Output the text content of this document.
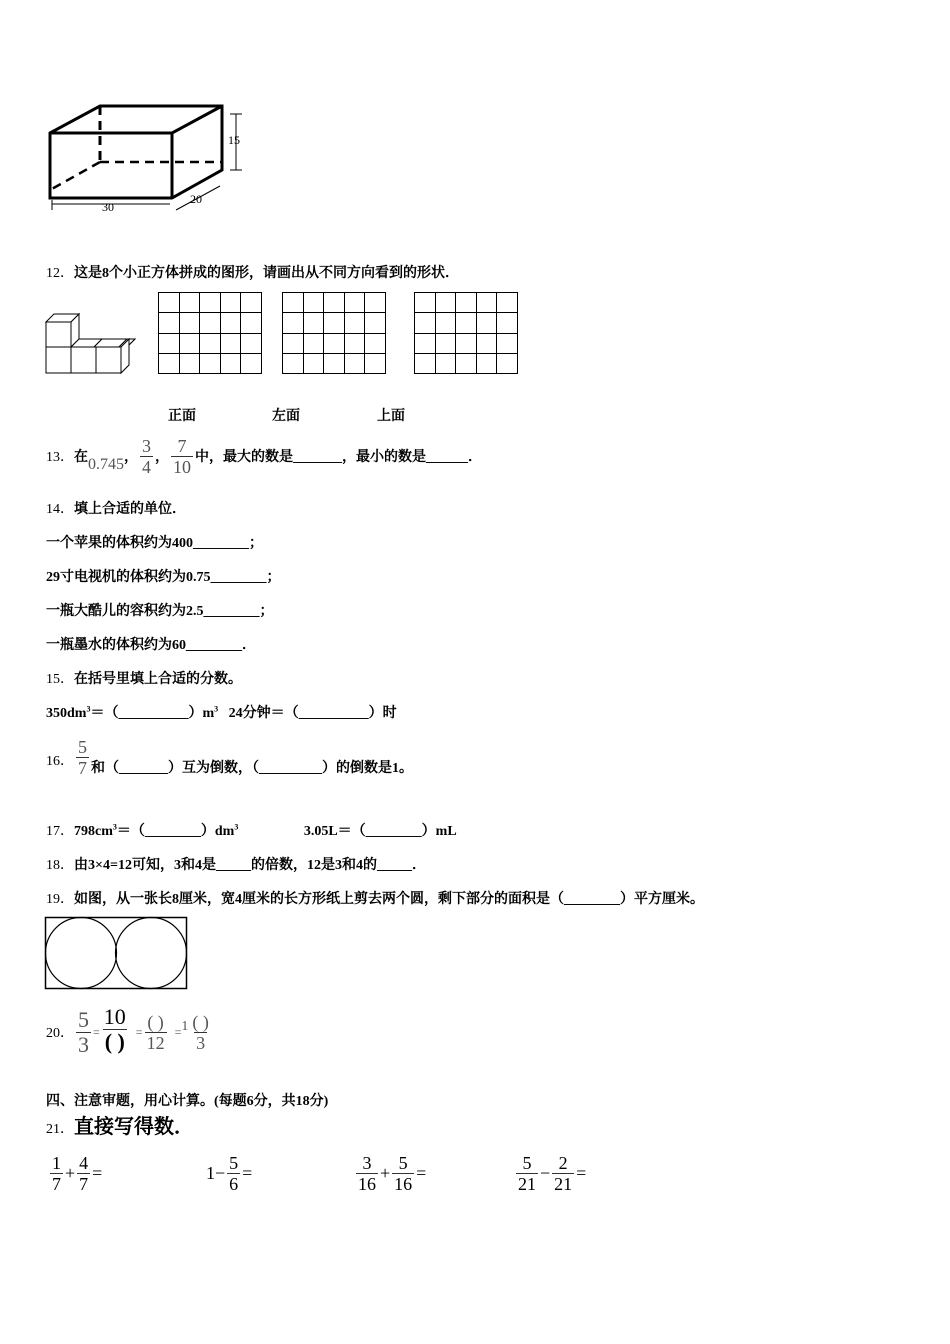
15
30
20
12．这是8个小正方体拼成的图形，请画出从不同方向看到的形状．

正面	左面	上面
13． 在 0.745 ， $\frac{3}{4}$ ， $\frac{7}{10}$ 中，最大的数是_______，最小的数是______．
14．填上合适的单位．
一个苹果的体积约为400________；
29寸电视机的体积约为0.75________；
一瓶大酷儿的容积约为2.5________；
一瓶墨水的体积约为60________．
15．在括号里填上合适的分数。
$350dm^3=(\_\_\_\_\_\_\_\_\_\_)m^3$ 24分钟＝（__________）时
16． $\frac{5}{7}$ 和（_______）互为倒数，（_________）的倒数是1。
17．$798cm^3=(\_\_\_\_\_\_\_\_)dm^3$	3.05L＝（________）mL
18．由3×4=12可知，3和4是_____的倍数，12是3和4的_____．
19．如图，从一张长8厘米，宽4厘米的长方形纸上剪去两个圆，剩下部分的面积是（________）平方厘米。
20． $\frac{5}{3} = \frac{10}{( )} = \frac{( )}{12} = 1 \frac{( )}{3}$
四、注意审题，用心计算。(每题6分，共18分)
21．直接写得数．
$\frac{1}{7} + \frac{4}{7}$ =	$1 - \frac{5}{6}$ =	$\frac{3}{16} + \frac{5}{16}$ =	$\frac{5}{21} - \frac{2}{21}$ =
